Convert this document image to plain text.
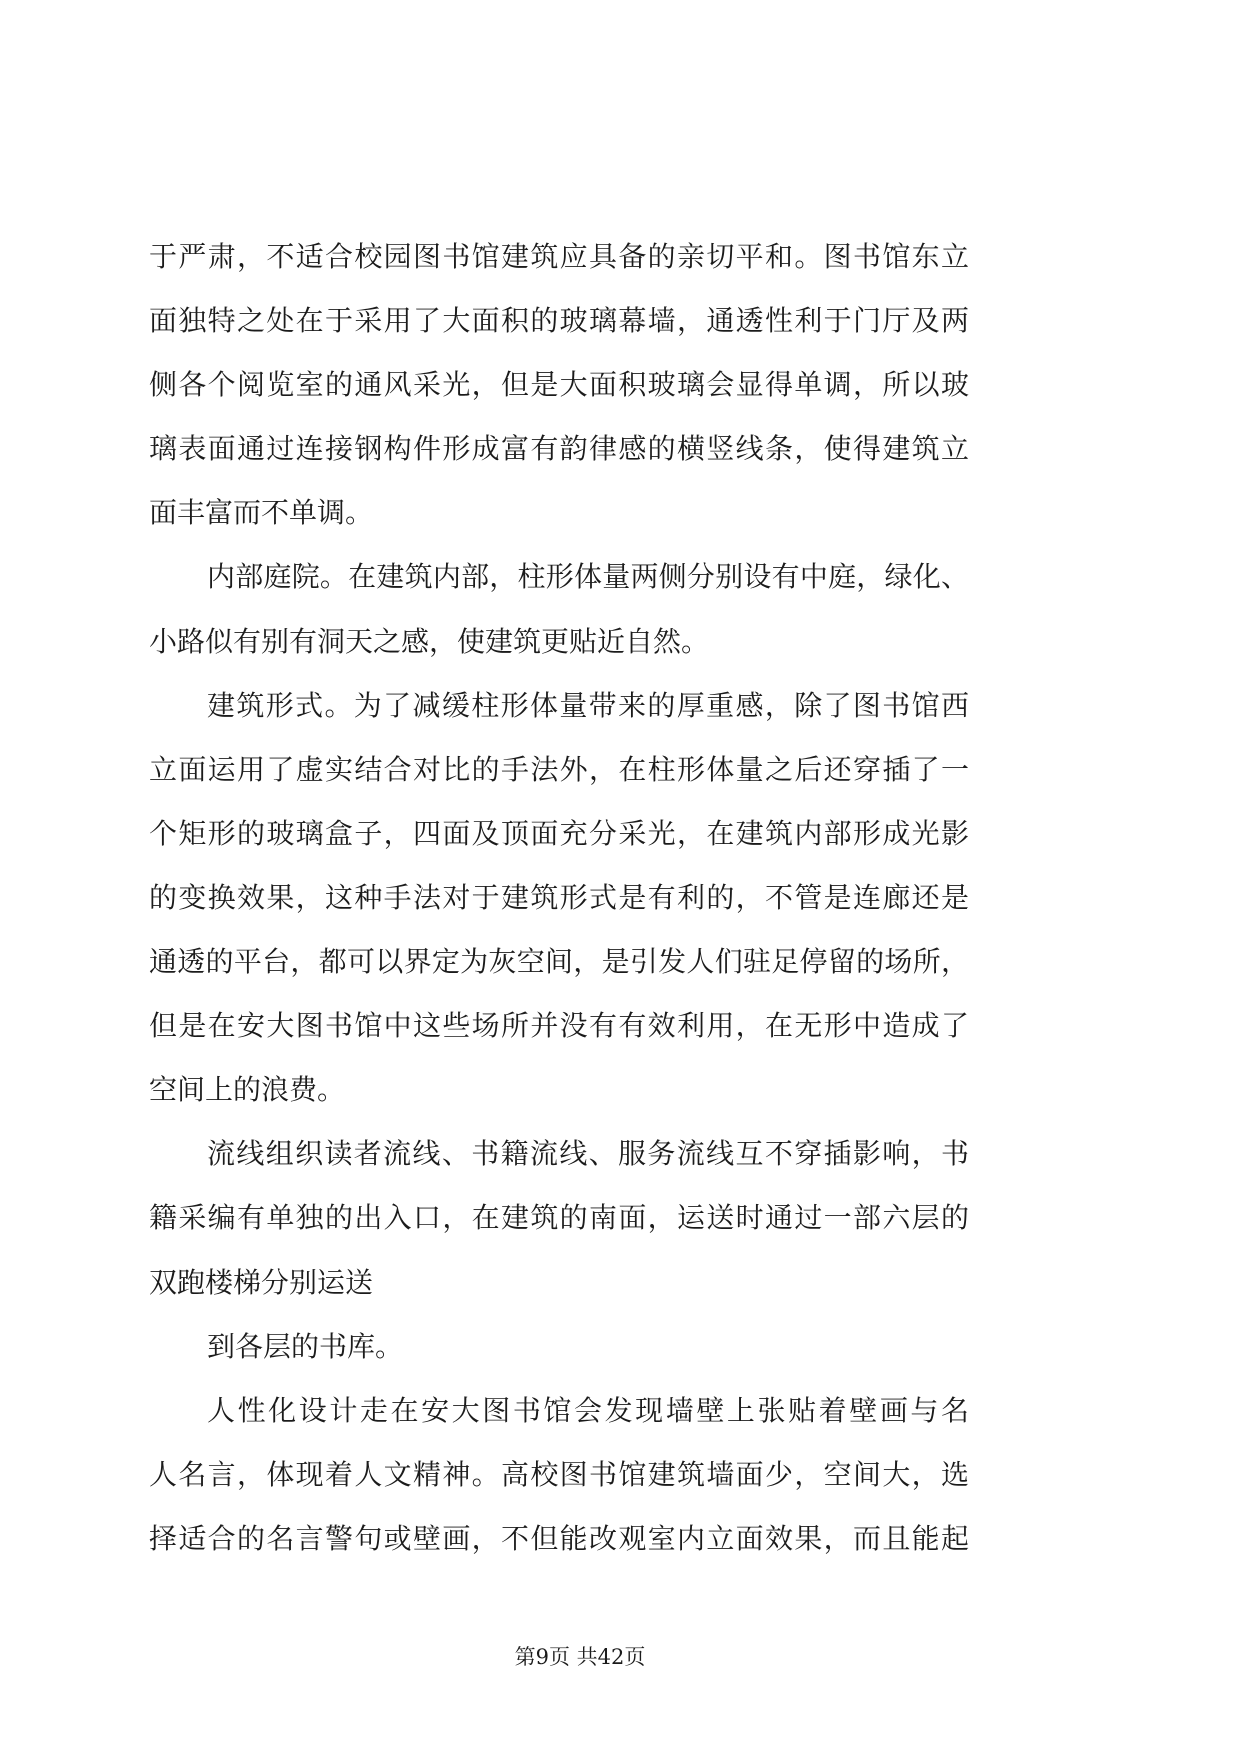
于严肃，不适合校园图书馆建筑应具备的亲切平和。图书馆东立
面独特之处在于采用了大面积的玻璃幕墙，通透性利于门厅及两
侧各个阅览室的通风采光，但是大面积玻璃会显得单调，所以玻
璃表面通过连接钢构件形成富有韵律感的横竖线条，使得建筑立
面丰富而不单调。
内部庭院。在建筑内部，柱形体量两侧分别设有中庭，绿化、
小路似有别有洞天之感，使建筑更贴近自然。
建筑形式。为了减缓柱形体量带来的厚重感，除了图书馆西
立面运用了虚实结合对比的手法外，在柱形体量之后还穿插了一
个矩形的玻璃盒子，四面及顶面充分采光，在建筑内部形成光影
的变换效果，这种手法对于建筑形式是有利的，不管是连廊还是
通透的平台，都可以界定为灰空间，是引发人们驻足停留的场所，
但是在安大图书馆中这些场所并没有有效利用，在无形中造成了
空间上的浪费。
流线组织读者流线、书籍流线、服务流线互不穿插影响，书
籍采编有单独的出入口，在建筑的南面，运送时通过一部六层的
双跑楼梯分别运送
到各层的书库。
人性化设计走在安大图书馆会发现墙壁上张贴着壁画与名
人名言，体现着人文精神。高校图书馆建筑墙面少，空间大，选
择适合的名言警句或壁画，不但能改观室内立面效果，而且能起
第9页 共42页
